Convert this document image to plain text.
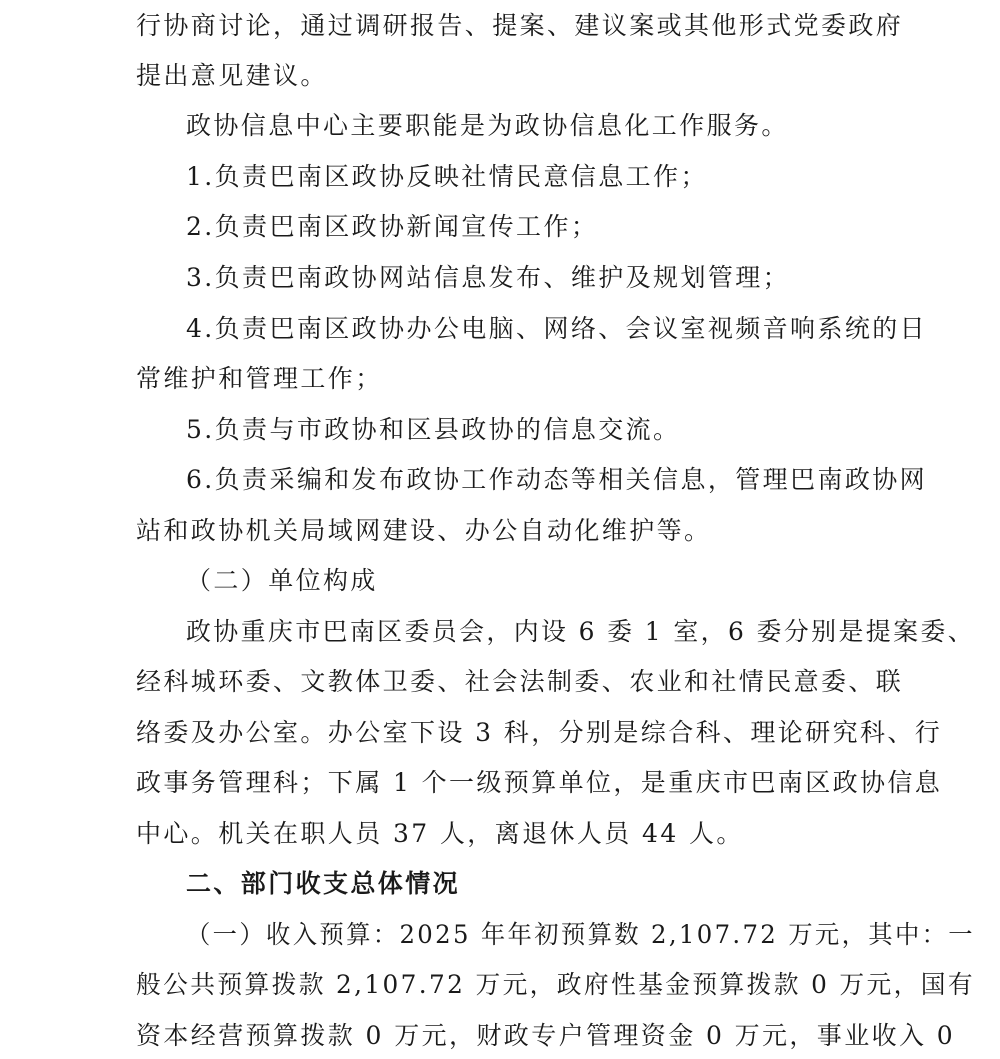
行协商讨论，通过调研报告、提案、建议案或其他形式党委政府
提出意见建议。
政协信息中心主要职能是为政协信息化工作服务。
1.负责巴南区政协反映社情民意信息工作；
2.负责巴南区政协新闻宣传工作；
3.负责巴南政协网站信息发布、维护及规划管理；
4.负责巴南区政协办公电脑、网络、会议室视频音响系统的日
常维护和管理工作；
5.负责与市政协和区县政协的信息交流。
6.负责采编和发布政协工作动态等相关信息，管理巴南政协网
站和政协机关局域网建设、办公自动化维护等。
（二）单位构成
政协重庆市巴南区委员会，内设 6 委 1 室，6 委分别是提案委、
经科城环委、文教体卫委、社会法制委、农业和社情民意委、联
络委及办公室。办公室下设 3 科，分别是综合科、理论研究科、行
政事务管理科；下属 1 个一级预算单位，是重庆市巴南区政协信息
中心。机关在职人员 37 人，离退休人员 44 人。
二、部门收支总体情况
（一）收入预算：2025 年年初预算数 2,107.72 万元，其中：一
般公共预算拨款 2,107.72 万元，政府性基金预算拨款 0 万元，国有
资本经营预算拨款 0 万元，财政专户管理资金 0 万元，事业收入 0
